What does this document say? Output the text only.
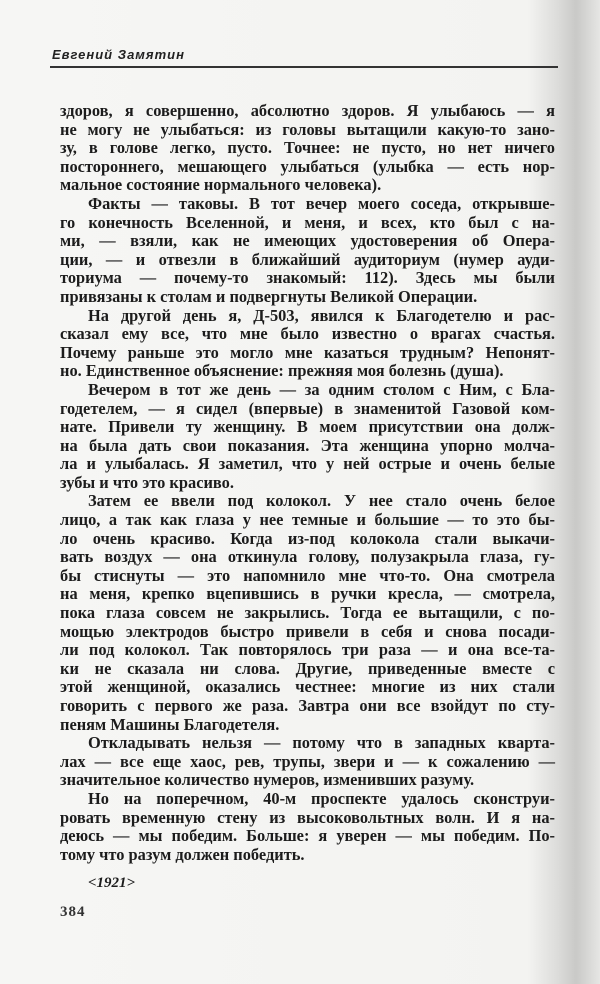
Евгений Замятин
здоров, я совершенно, абсолютно здоров. Я улыбаюсь — я
не могу не улыбаться: из головы вытащили какую-то зано-
зу, в голове легко, пусто. Точнее: не пусто, но нет ничего
постороннего, мешающего улыбаться (улыбка — есть нор-
мальное состояние нормального человека).
Факты — таковы. В тот вечер моего соседа, открывше-
го конечность Вселенной, и меня, и всех, кто был с на-
ми, — взяли, как не имеющих удостоверения об Опера-
ции, — и отвезли в ближайший аудиториум (нумер ауди-
ториума — почему-то знакомый: 112). Здесь мы были
привязаны к столам и подвергнуты Великой Операции.
На другой день я, Д-503, явился к Благодетелю и рас-
сказал ему все, что мне было известно о врагах счастья.
Почему раньше это могло мне казаться трудным? Непонят-
но. Единственное объяснение: прежняя моя болезнь (душа).
Вечером в тот же день — за одним столом с Ним, с Бла-
годетелем, — я сидел (впервые) в знаменитой Газовой ком-
нате. Привели ту женщину. В моем присутствии она долж-
на была дать свои показания. Эта женщина упорно молча-
ла и улыбалась. Я заметил, что у ней острые и очень белые
зубы и что это красиво.
Затем ее ввели под колокол. У нее стало очень белое
лицо, а так как глаза у нее темные и большие — то это бы-
ло очень красиво. Когда из-под колокола стали выкачи-
вать воздух — она откинула голову, полузакрыла глаза, гу-
бы стиснуты — это напомнило мне что-то. Она смотрела
на меня, крепко вцепившись в ручки кресла, — смотрела,
пока глаза совсем не закрылись. Тогда ее вытащили, с по-
мощью электродов быстро привели в себя и снова посади-
ли под колокол. Так повторялось три раза — и она все-та-
ки не сказала ни слова. Другие, приведенные вместе с
этой женщиной, оказались честнее: многие из них стали
говорить с первого же раза. Завтра они все взойдут по сту-
пеням Машины Благодетеля.
Откладывать нельзя — потому что в западных кварта-
лах — все еще хаос, рев, трупы, звери и — к сожалению —
значительное количество нумеров, изменивших разуму.
Но на поперечном, 40-м проспекте удалось сконструи-
ровать временную стену из высоковольтных волн. И я на-
деюсь — мы победим. Больше: я уверен — мы победим. По-
тому что разум должен победить.
<1921>
384
